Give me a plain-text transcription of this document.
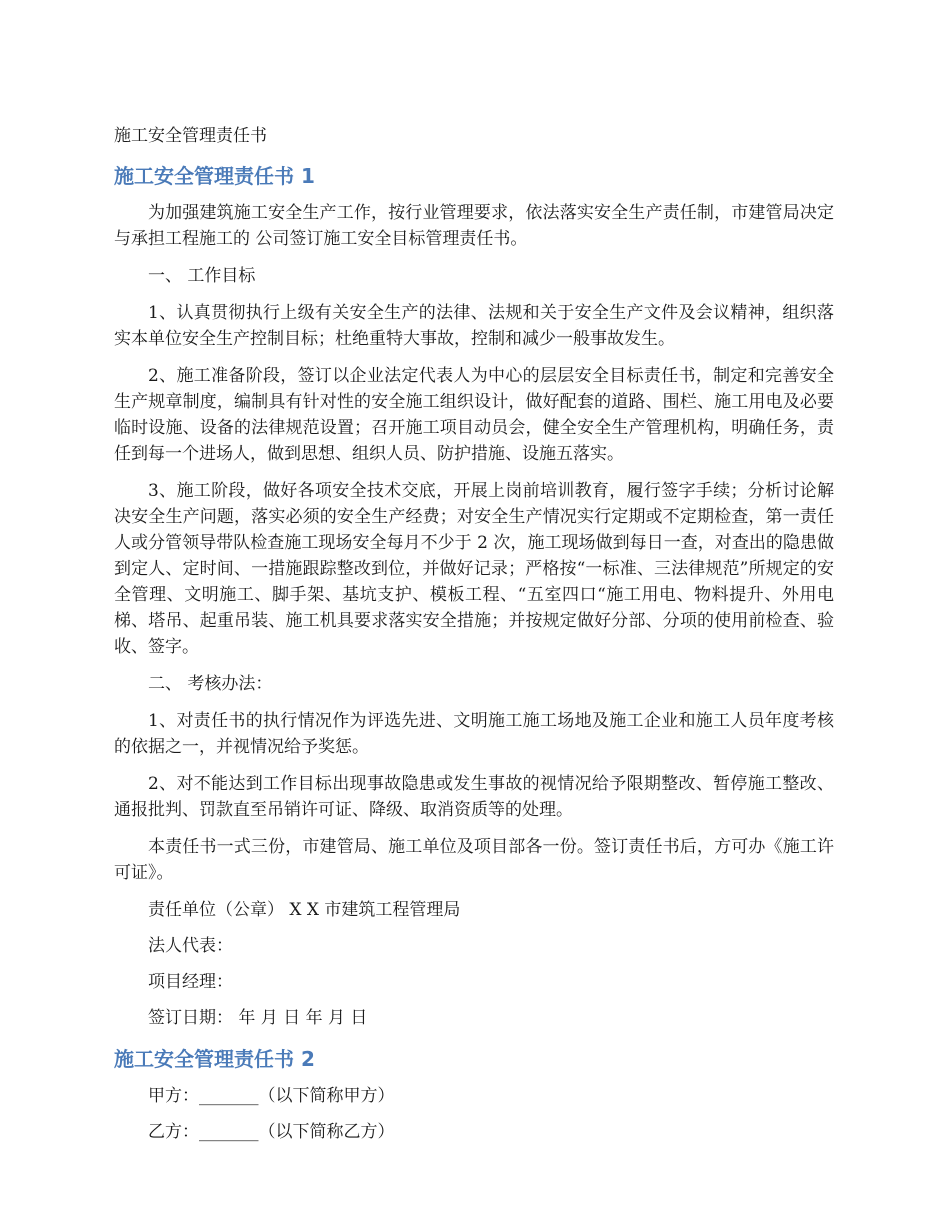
施工安全管理责任书
施工安全管理责任书 1

为加强建筑施工安全生产工作，按行业管理要求，依法落实安全生产责任制，市建管局决定与承担工程施工的 公司签订施工安全目标管理责任书。

一、 工作目标

1、认真贯彻执行上级有关安全生产的法律、法规和关于安全生产文件及会议精神，组织落实本单位安全生产控制目标；杜绝重特大事故，控制和减少一般事故发生。

2、施工准备阶段，签订以企业法定代表人为中心的层层安全目标责任书，制定和完善安全生产规章制度，编制具有针对性的安全施工组织设计，做好配套的道路、围栏、施工用电及必要临时设施、设备的法律规范设置；召开施工项目动员会，健全安全生产管理机构，明确任务，责任到每一个进场人，做到思想、组织人员、防护措施、设施五落实。

3、施工阶段，做好各项安全技术交底，开展上岗前培训教育，履行签字手续；分析讨论解决安全生产问题，落实必须的安全生产经费；对安全生产情况实行定期或不定期检查，第一责任人或分管领导带队检查施工现场安全每月不少于 2 次，施工现场做到每日一查，对查出的隐患做到定人、定时间、一措施跟踪整改到位，并做好记录；严格按“一标准、三法律规范”所规定的安全管理、文明施工、脚手架、基坑支护、模板工程、“五室四口“施工用电、物料提升、外用电梯、塔吊、起重吊装、施工机具要求落实安全措施；并按规定做好分部、分项的使用前检查、验收、签字。

二、 考核办法：

1、对责任书的执行情况作为评选先进、文明施工施工场地及施工企业和施工人员年度考核的依据之一，并视情况给予奖惩。

2、对不能达到工作目标出现事故隐患或发生事故的视情况给予限期整改、暂停施工整改、通报批判、罚款直至吊销许可证、降级、取消资质等的处理。

本责任书一式三份，市建管局、施工单位及项目部各一份。签订责任书后，方可办《施工许可证》。

责任单位（公章） X X 市建筑工程管理局

法人代表：

项目经理：

签订日期： 年 月 日 年 月 日

施工安全管理责任书 2

甲方：_______（以下简称甲方）

乙方：_______（以下简称乙方）
